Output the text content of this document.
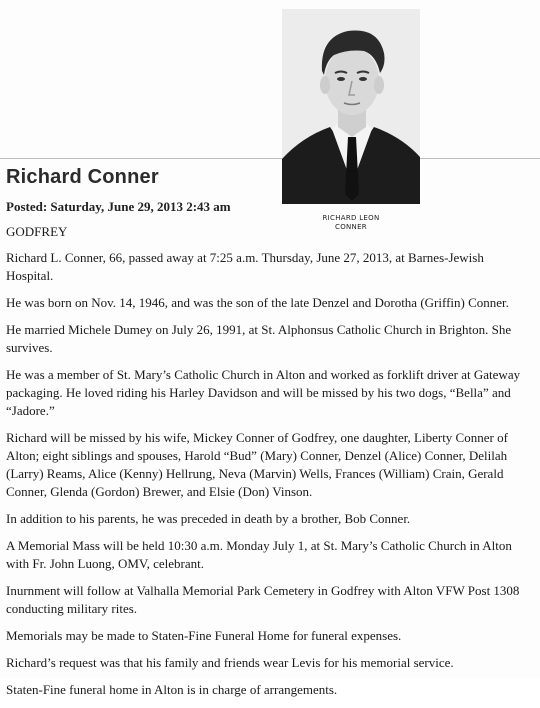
RICHARD LEON
CONNER
Richard Conner
Posted: Saturday, June 29, 2013 2:43 am
GODFREY

Richard L. Conner, 66, passed away at 7:25 a.m. Thursday, June 27, 2013, at Barnes-Jewish Hospital.

He was born on Nov. 14, 1946, and was the son of the late Denzel and Dorotha (Griffin) Conner.

He married Michele Dumey on July 26, 1991, at St. Alphonsus Catholic Church in Brighton. She survives.

He was a member of St. Mary’s Catholic Church in Alton and worked as forklift driver at Gateway packaging. He loved riding his Harley Davidson and will be missed by his two dogs, “Bella” and “Jadore.”

Richard will be missed by his wife, Mickey Conner of Godfrey, one daughter, Liberty Conner of Alton; eight siblings and spouses, Harold “Bud” (Mary) Conner, Denzel (Alice) Conner, Delilah (Larry) Reams, Alice (Kenny) Hellrung, Neva (Marvin) Wells, Frances (William) Crain, Gerald Conner, Glenda (Gordon) Brewer, and Elsie (Don) Vinson.

In addition to his parents, he was preceded in death by a brother, Bob Conner.

A Memorial Mass will be held 10:30 a.m. Monday July 1, at St. Mary’s Catholic Church in Alton with Fr. John Luong, OMV, celebrant.

Inurnment will follow at Valhalla Memorial Park Cemetery in Godfrey with Alton VFW Post 1308 conducting military rites.

Memorials may be made to Staten-Fine Funeral Home for funeral expenses.

Richard’s request was that his family and friends wear Levis for his memorial service.

Staten-Fine funeral home in Alton is in charge of arrangements.
